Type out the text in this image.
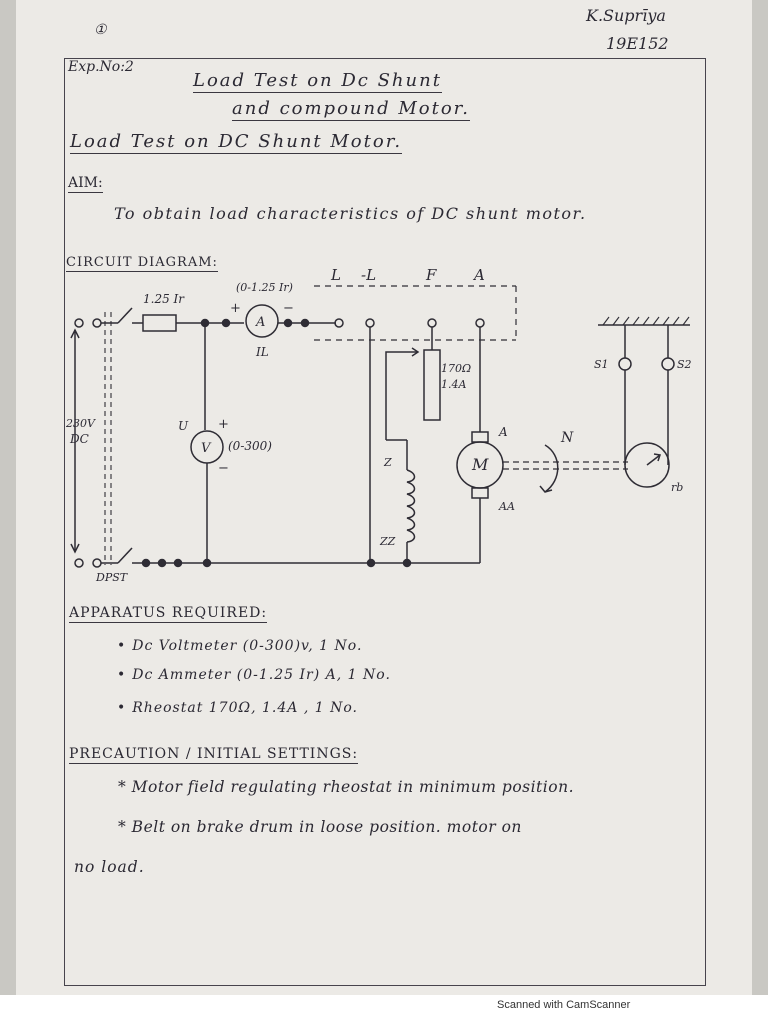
Scanned with CamScanner
①
K.Suprīya
19E152
Exp.No:2
Load Test on Dc Shunt
and compound Motor.
Load Test on DC Shunt Motor.
AIM:
To obtain load characteristics of DC shunt motor.
CIRCUIT DIAGRAM:
L -L	F	A
1.25 Ir
(0-1.25 Ir)
A
+	−
IL
V (0-300)
U +
−
230V
DC
DPST
170Ω
1.4A
Z
ZZ
M
A
AA
N
S1	S2
rb
APPARATUS REQUIRED:
• Dc Voltmeter (0-300)v, 1 No.
• Dc Ammeter (0-1.25 Ir) A, 1 No.
• Rheostat 170Ω, 1.4A , 1 No.
PRECAUTION / INITIAL SETTINGS:
* Motor field regulating rheostat in minimum position.
* Belt on brake drum in loose position. motor on
no load.
